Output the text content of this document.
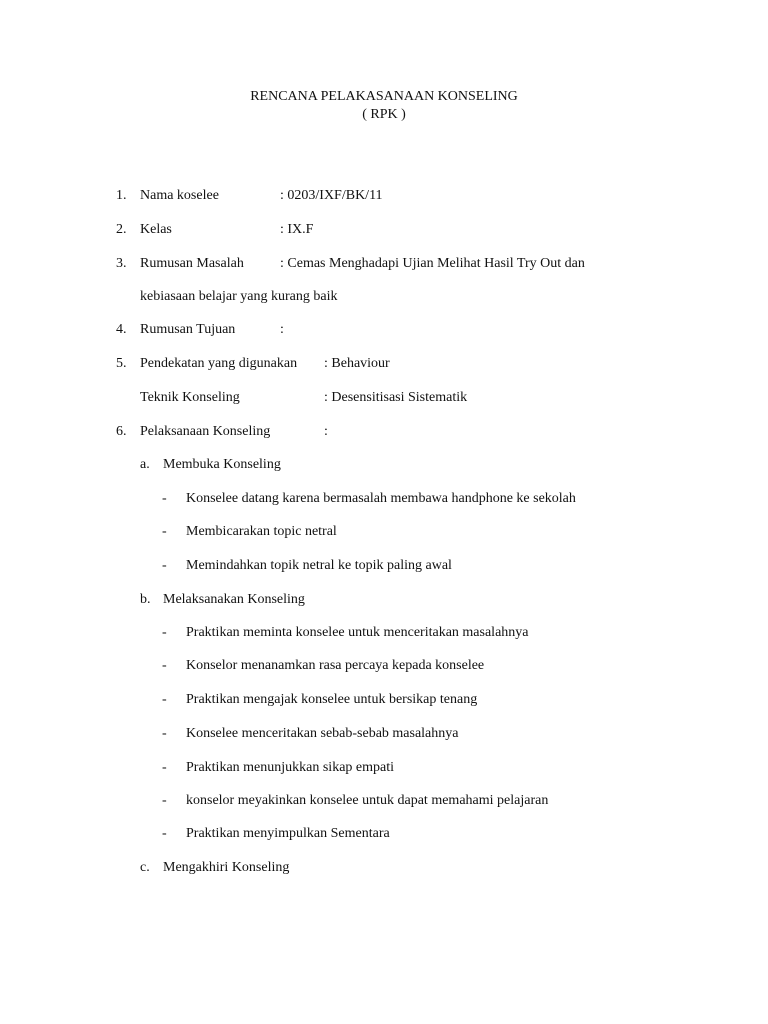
RENCANA PELAKASANAAN KONSELING
( RPK )
1. Nama koselee	: 0203/IXF/BK/11
2. Kelas	: IX.F
3. Rumusan Masalah	: Cemas Menghadapi Ujian Melihat Hasil Try Out dan
kebiasaan belajar yang kurang baik
4. Rumusan Tujuan	:
5. Pendekatan yang digunakan : Behaviour
Teknik Konseling	: Desensitisasi Sistematik
6. Pelaksanaan Konseling	:
a. Membuka Konseling
- Konselee datang karena bermasalah membawa handphone ke sekolah
- Membicarakan topic netral
- Memindahkan topik netral ke topik paling awal
b. Melaksanakan Konseling
- Praktikan meminta konselee untuk menceritakan masalahnya
- Konselor menanamkan rasa percaya kepada konselee
- Praktikan mengajak konselee untuk bersikap tenang
- Konselee menceritakan sebab-sebab masalahnya
- Praktikan menunjukkan sikap empati
- konselor meyakinkan konselee untuk dapat memahami pelajaran
- Praktikan menyimpulkan Sementara
c. Mengakhiri Konseling
